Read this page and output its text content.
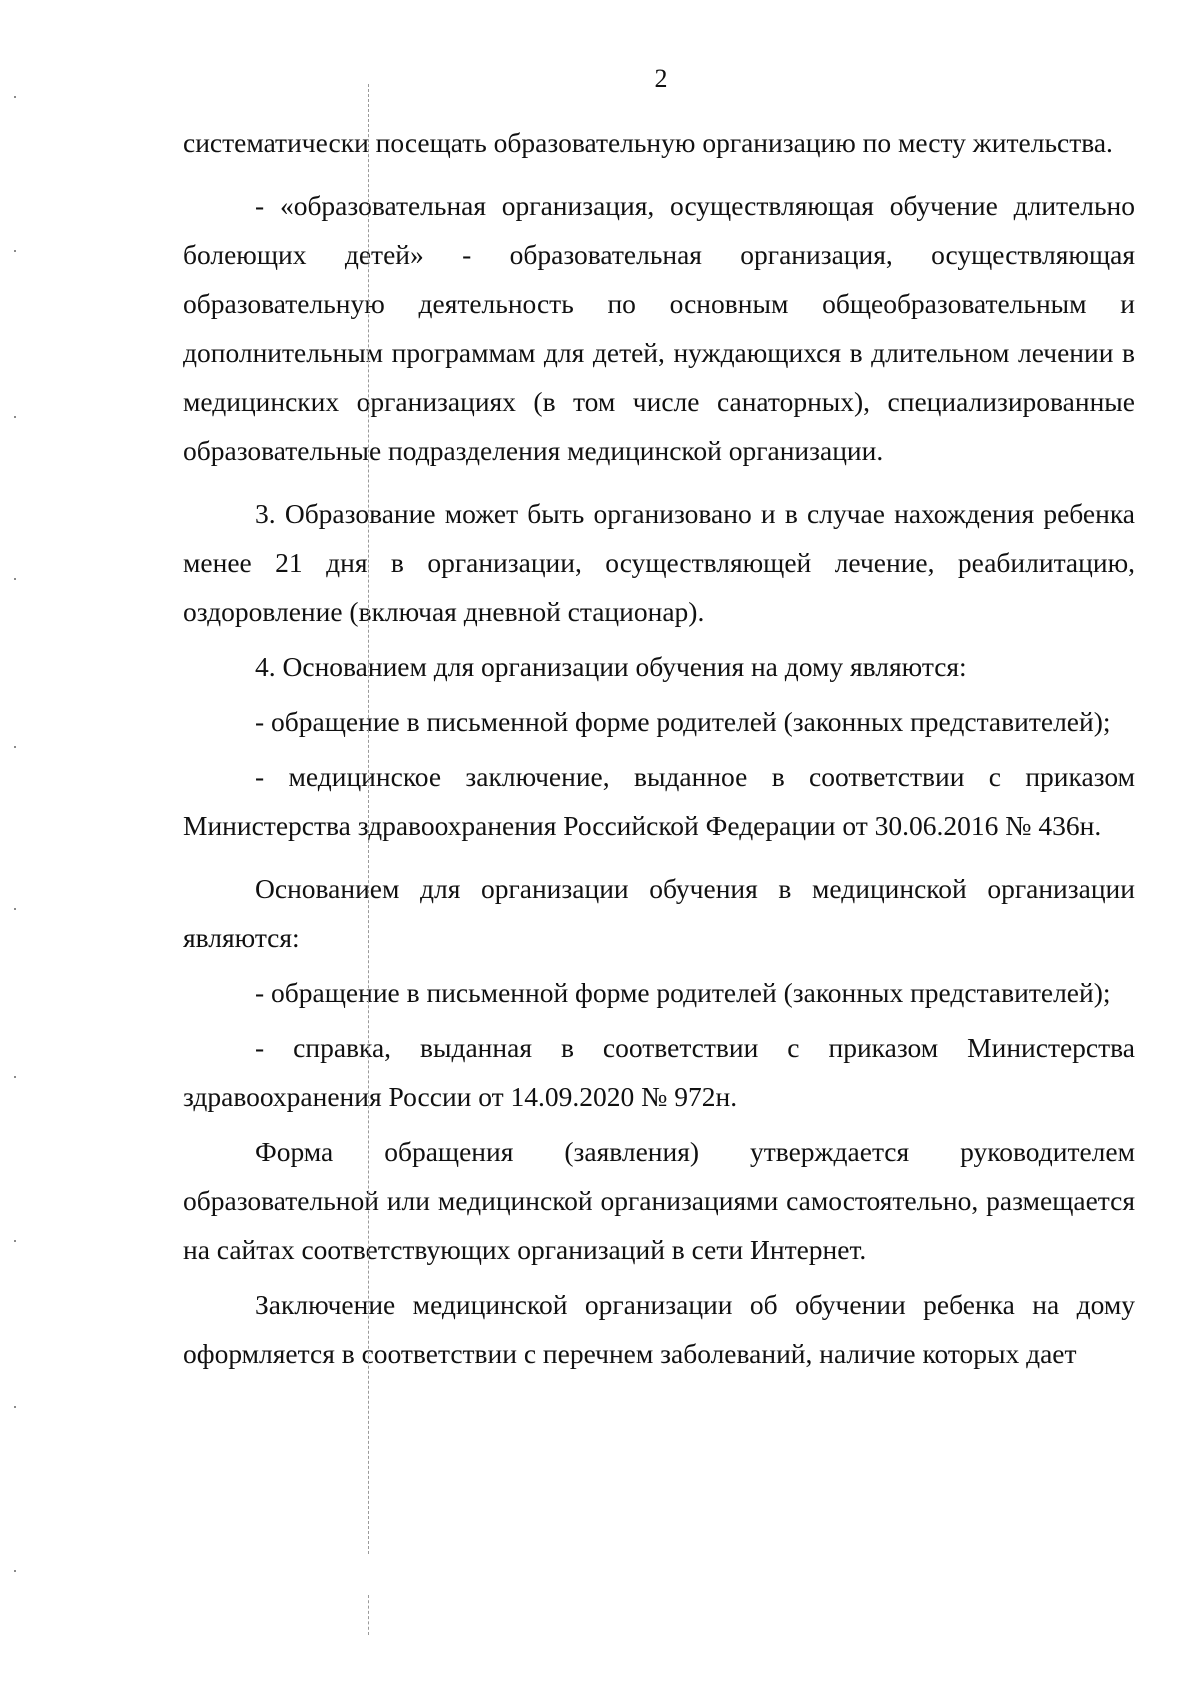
2

систематически посещать образовательную организацию по месту жительства.

- «образовательная организация, осуществляющая обучение длительно болеющих детей» - образовательная организация, осуществляющая образовательную деятельность по основным общеобразовательным и дополнительным программам для детей, нуждающихся в длительном лечении в медицинских организациях (в том числе санаторных), специализированные образовательные подразделения медицинской организации.

3. Образование может быть организовано и в случае нахождения ребенка менее 21 дня в организации, осуществляющей лечение, реабилитацию, оздоровление (включая дневной стационар).

4. Основанием для организации обучения на дому являются:

- обращение в письменной форме родителей (законных представителей);

- медицинское заключение, выданное в соответствии с приказом Министерства здравоохранения Российской Федерации от 30.06.2016 № 436н.

Основанием для организации обучения в медицинской организации являются:

- обращение в письменной форме родителей (законных представителей);

- справка, выданная в соответствии с приказом Министерства здравоохранения России от 14.09.2020 № 972н.

Форма обращения (заявления) утверждается руководителем образовательной или медицинской организациями самостоятельно, размещается на сайтах соответствующих организаций в сети Интернет.

Заключение медицинской организации об обучении ребенка на дому оформляется в соответствии с перечнем заболеваний, наличие которых дает
